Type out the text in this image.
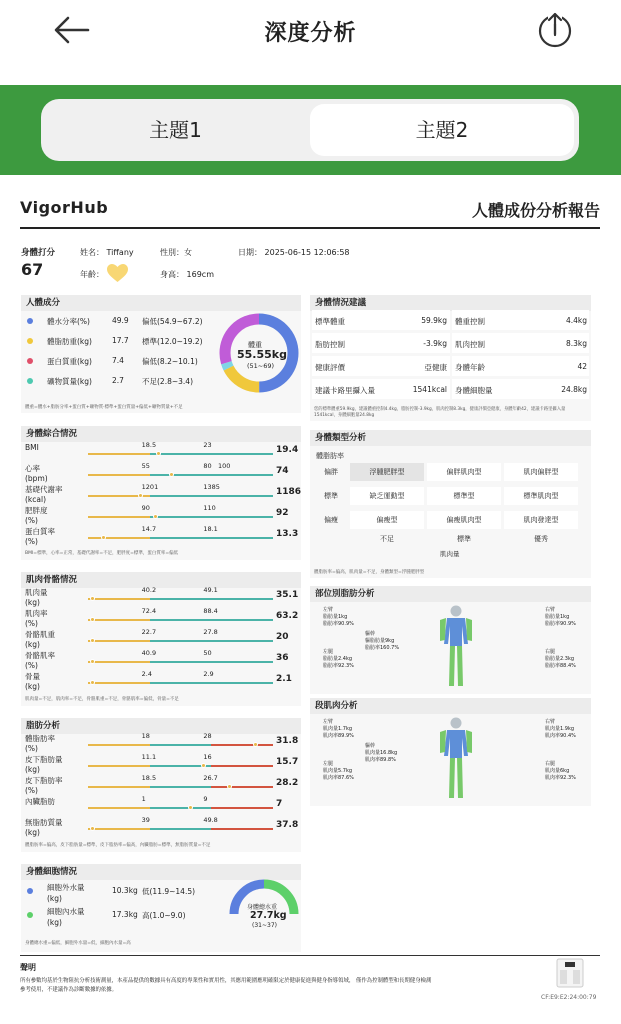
深度分析
主題1	主題2
VigorHub	人體成份分析報告
身體打分
67
姓名： Tiffany	性別：女	日期： 2025-06-15 12:06:58
年齡：	身高： 169cm
人體成分
體重
55.55kg
(51~69)
體重=體水+脂肪分率+蛋白質+礦物質·標準+蛋白質量+偏低+礦物質量+不足
身體綜合情況
BMI=標準，心率=正常，基礎代謝率=不足，肥胖度=標準，蛋白質率=偏低
肌肉骨骼情況
肌肉量=不足，肌肉率=不足，骨骼肌重=不足，骨骼肌率=偏低，骨量=不足
脂肪分析
體脂肪率=偏高，皮下脂肪量=標準，皮下脂肪率=偏高，內臟脂肪=標準，無脂肪質量=不足
身體細胞情況
身體總水重
27.7kg
(31~37)
身體總水重=偏低，細胞外水量=低，細胞內水量=高
身體情況建議
您的標準體重59.9kg，建議體重控制4.4kg，脂肪控制-3.9kg，肌肉控制8.3kg，健康評價亞健康，身體年齡42，建議卡路里攝入量1541kcal，身體細胞量24.8kg
身體類型分析
體脂肪率
肌肉量
體脂肪率=偏高，肌肉量=不足，身體類型=浮腫肥胖型
部位別脂肪分析
段肌肉分析
聲明
所有參數均基於生物阻抗分析技術測量，本產品提供的數據具有高度的專業性和實用性，其應用範圍應明確限定於健康促進與健身指導領域， 僅作為控制體型和長期健身檢測
參考使用，不建議作為診斷數據的依據。
CF:E9:E2:24:00:79
體水分率(%)	49.9 偏低(54.9~67.2)
體脂肪重(kg)	17.7 標準(12.0~19.2)
蛋白質重(kg)	7.4 偏低(8.2~10.1)
礦物質量(kg)	2.7 不足(2.8~3.4)
BMI	18.5	23	19.4
心率
(bpm)
55	80 100	74
基礎代謝率
(kcal)
1201	1385	1186
肥胖度
(%)
90	110	92
蛋白質率
(%)
14.7	18.1	13.3
肌肉量
(kg)
40.2	49.1	35.1
肌肉率
(%)
72.4	88.4	63.2
骨骼肌重
(kg)
22.7	27.8	20
骨骼肌率
(%)
40.9	50	36
骨量
(kg)
2.4	2.9	2.1
體脂肪率
(%)
18	28	31.8
皮下脂肪量
(kg)
11.1	16	15.7
皮下脂肪率
(%)
18.5	26.7	28.2
內臟脂肪	1	9	7
無脂肪質量
(kg)
39	49.8	37.8
細胞外水量
(kg)
10.3kg 低(11.9~14.5)
細胞內水量
(kg)
17.3kg 高(1.0~9.0)
標準體重	59.9kg 體重控制	4.4kg
脂肪控制	-3.9kg 肌肉控制	8.3kg
健康評價	亞健康 身體年齡	42
建議卡路里攝入量	1541kcal 身體細胞量	24.8kg
偏胖	浮腫肥胖型	偏胖肌肉型	肌肉偏胖型
標準	缺乏運動型	標準型	標準肌肉型
偏瘦	偏瘦型	偏瘦肌肉型	肌肉發達型
不足	標準	優秀
左臂
脂肪量1kg
脂肪率90.9%
右臂
脂肪量1kg
脂肪率90.9%
軀幹
軀脂肪量9kg
脂肪率160.7%
左腿
脂肪量2.4kg
脂肪率92.3%
右腿
脂肪量2.3kg
脂肪率88.4%
左臂
肌肉量1.7kg
肌肉率89.9%
右臂
肌肉量1.9kg
肌肉率90.4%
軀幹
肌肉量16.8kg
肌肉率89.8%
左腿
肌肉量5.7kg
肌肉率87.6%
右腿
肌肉量6kg
肌肉率92.3%
